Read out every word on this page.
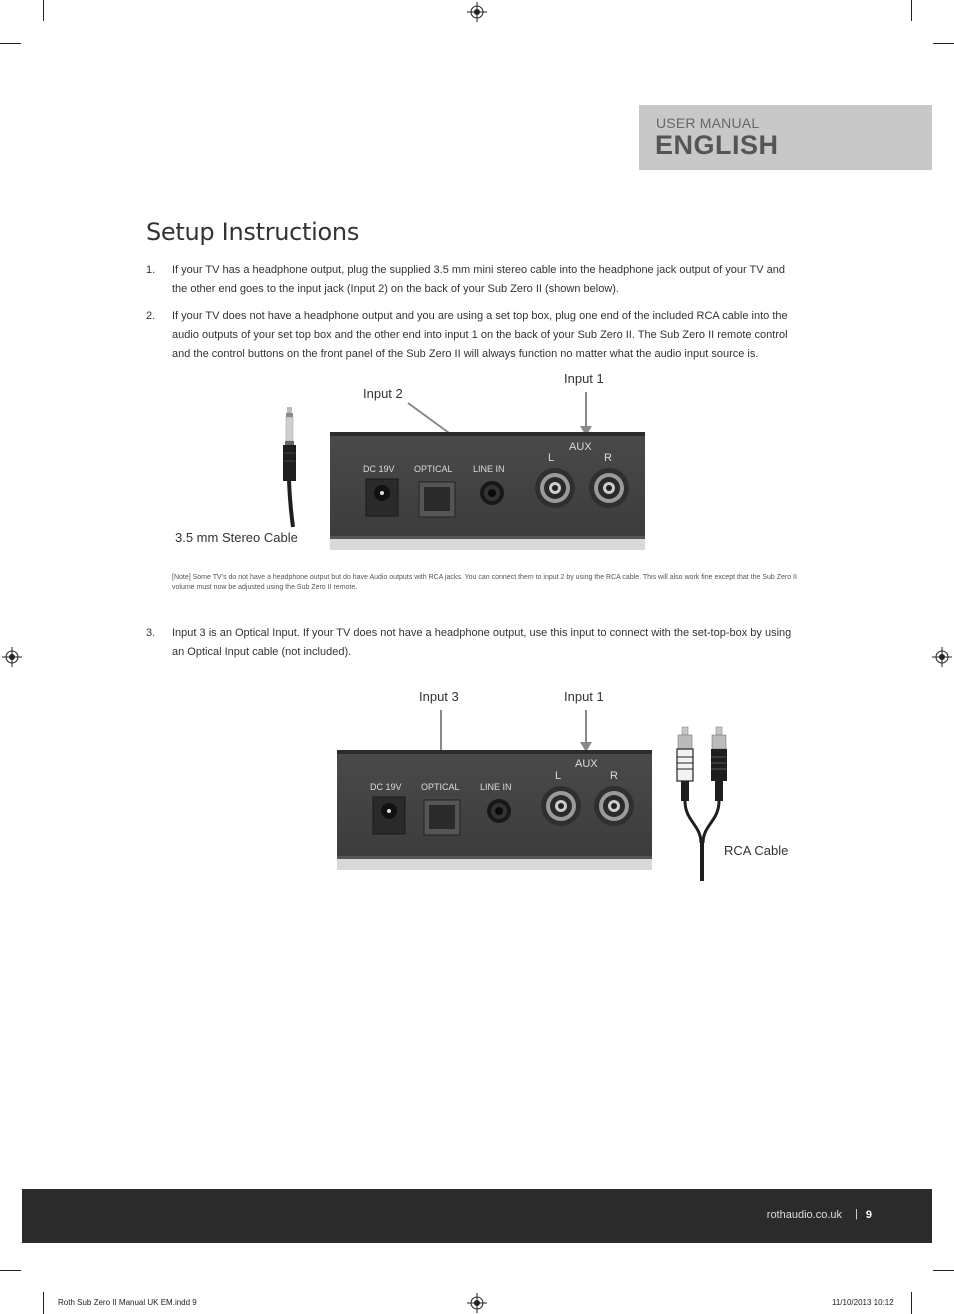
USER MANUAL
ENGLISH
Setup Instructions
1. If your TV has a headphone output, plug the supplied 3.5 mm mini stereo cable into the headphone jack output of your TV and the other end goes to the input jack (Input 2) on the back of your Sub Zero II (shown below).
2. If your TV does not have a headphone output and you are using a set top box, plug one end of the included RCA cable into the audio outputs of your set top box and the other end into input 1 on the back of your Sub Zero II. The Sub Zero II remote control and the control buttons on the front panel of the Sub Zero II will always function no matter what the audio input source is.
Input 2
Input 1
3.5 mm Stereo Cable
DC 19V OPTICAL LINE IN
AUX
L	R
[Note] Some TV’s do not have a headphone output but do have Audio outputs with RCA jacks. You can connect them to input 2 by using the RCA cable. This will also work fine except that the Sub Zero II volume must now be adjusted using the Sub Zero II remote.
3. Input 3 is an Optical Input. If your TV does not have a headphone output, use this input to connect with the set-top-box by using an Optical Input cable (not included).
Input 3	Input 1
RCA Cable
DC 19V OPTICAL LINE IN
AUX
L	R
rothaudio.co.uk | 9
Roth Sub Zero II Manual UK EM.indd 9	11/10/2013 10:12
